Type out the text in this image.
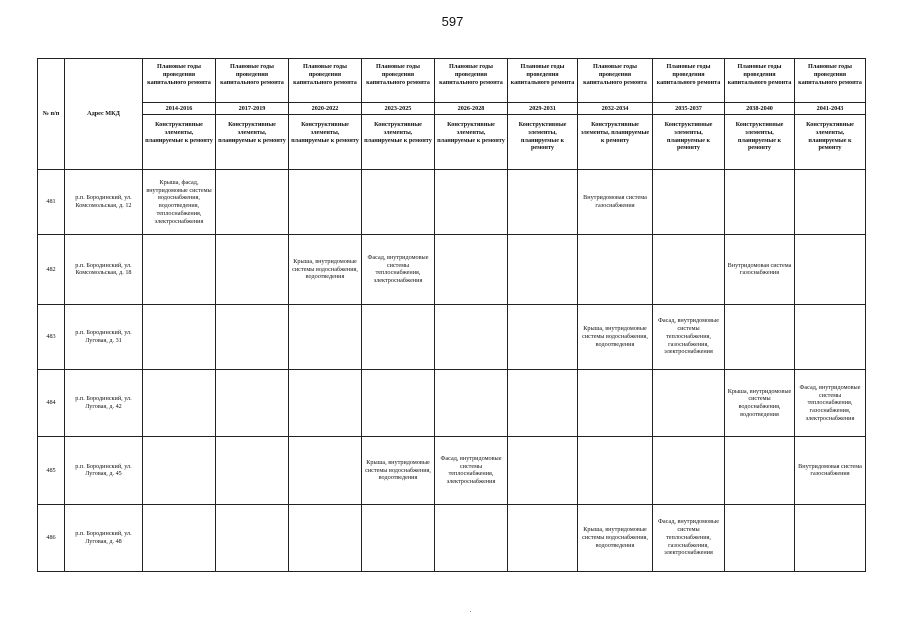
597
№ п/п	Адрес МКД	Плановые годы проведения капитального ремонта	Плановые годы проведения капитального ремонта	Плановые годы проведения капитального ремонта	Плановые годы проведения капитального ремонта	Плановые годы проведения капитального ремонта	Плановые годы проведения капитального ремонта	Плановые годы проведения капитального ремонта	Плановые годы проведения капитального ремонта	Плановые годы проведения капитального ремонта	Плановые годы проведения капитального ремонта
		2014-2016	2017-2019	2020-2022	2023-2025	2026-2028	2029-2031	2032-2034	2035-2037	2038-2040	2041-2043
		Конструктивные элементы, планируемые к ремонту	Конструктивные элементы, планируемые к ремонту	Конструктивные элементы, планируемые к ремонту	Конструктивные элементы, планируемые к ремонту	Конструктивные элементы, планируемые к ремонту	Конструктивные элементы, планируемые к ремонту	Конструктивные элементы, планируемые к ремонту	Конструктивные элементы, планируемые к ремонту	Конструктивные элементы, планируемые к ремонту	Конструктивные элементы, планируемые к ремонту
481	р.п. Бородинский, ул. Комсомольская, д. 12	Крыша, фасад, внутридомовые системы водоснабжения, водоотведения, теплоснабжения, электроснабжения						Внутридомовая система газоснабжения			
482	р.п. Бородинский, ул. Комсомольская, д. 18			Крыша, внутридомовые системы водоснабжения, водоотведения	Фасад, внутридомовые системы теплоснабжения, электроснабжения					Внутридомовая система газоснабжения	
483	р.п. Бородинский, ул. Луговая, д. 31							Крыша, внутридомовые системы водоснабжения, водоотведения	Фасад, внутридомовые системы теплоснабжения, газоснабжения, электроснабжения		
484	р.п. Бородинский, ул. Луговая, д. 42									Крыша, внутридомовые системы водоснабжения, водоотведения	Фасад, внутридомовые системы теплоснабжения, газоснабжения, электроснабжения
485	р.п. Бородинский, ул. Луговая, д. 45				Крыша, внутридомовые системы водоснабжения, водоотведения	Фасад, внутридомовые системы теплоснабжения, электроснабжения					Внутридомовая система газоснабжения
486	р.п. Бородинский, ул. Луговая, д. 48							Крыша, внутридомовые системы водоснабжения, водоотведения	Фасад, внутридомовые системы теплоснабжения, газоснабжения, электроснабжения		
